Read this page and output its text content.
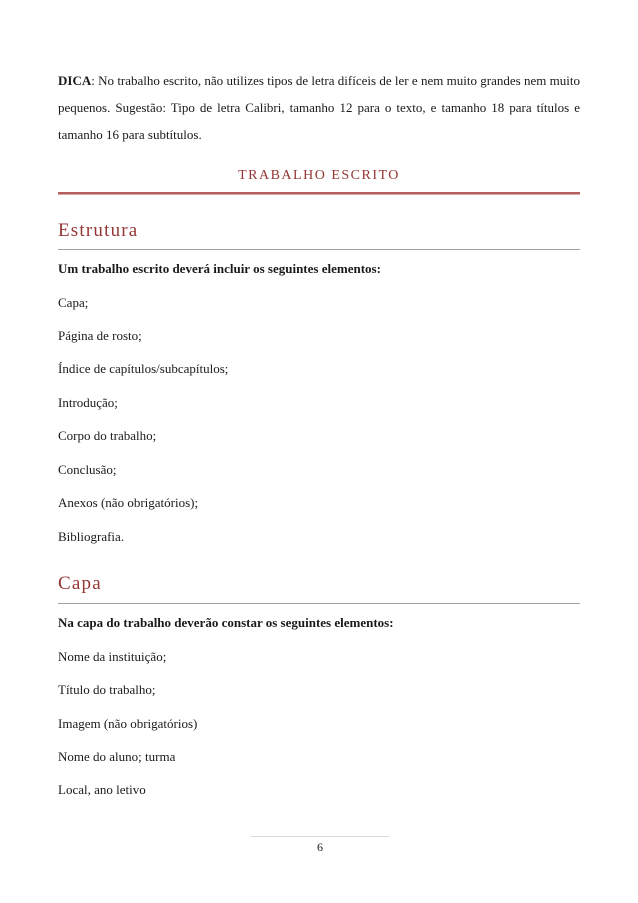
DICA: No trabalho escrito, não utilizes tipos de letra difíceis de ler e nem muito grandes nem muito pequenos. Sugestão: Tipo de letra Calibri, tamanho 12 para o texto, e tamanho 18 para títulos e tamanho 16 para subtítulos.

TRABALHO ESCRITO
Estrutura
Um trabalho escrito deverá incluir os seguintes elementos:
Capa;
Página de rosto;
Índice de capítulos/subcapítulos;
Introdução;
Corpo do trabalho;
Conclusão;
Anexos (não obrigatórios);
Bibliografia.
Capa
Na capa do trabalho deverão constar os seguintes elementos:
Nome da instituição;
Título do trabalho;
Imagem (não obrigatórios)
Nome do aluno; turma
Local, ano letivo
6
